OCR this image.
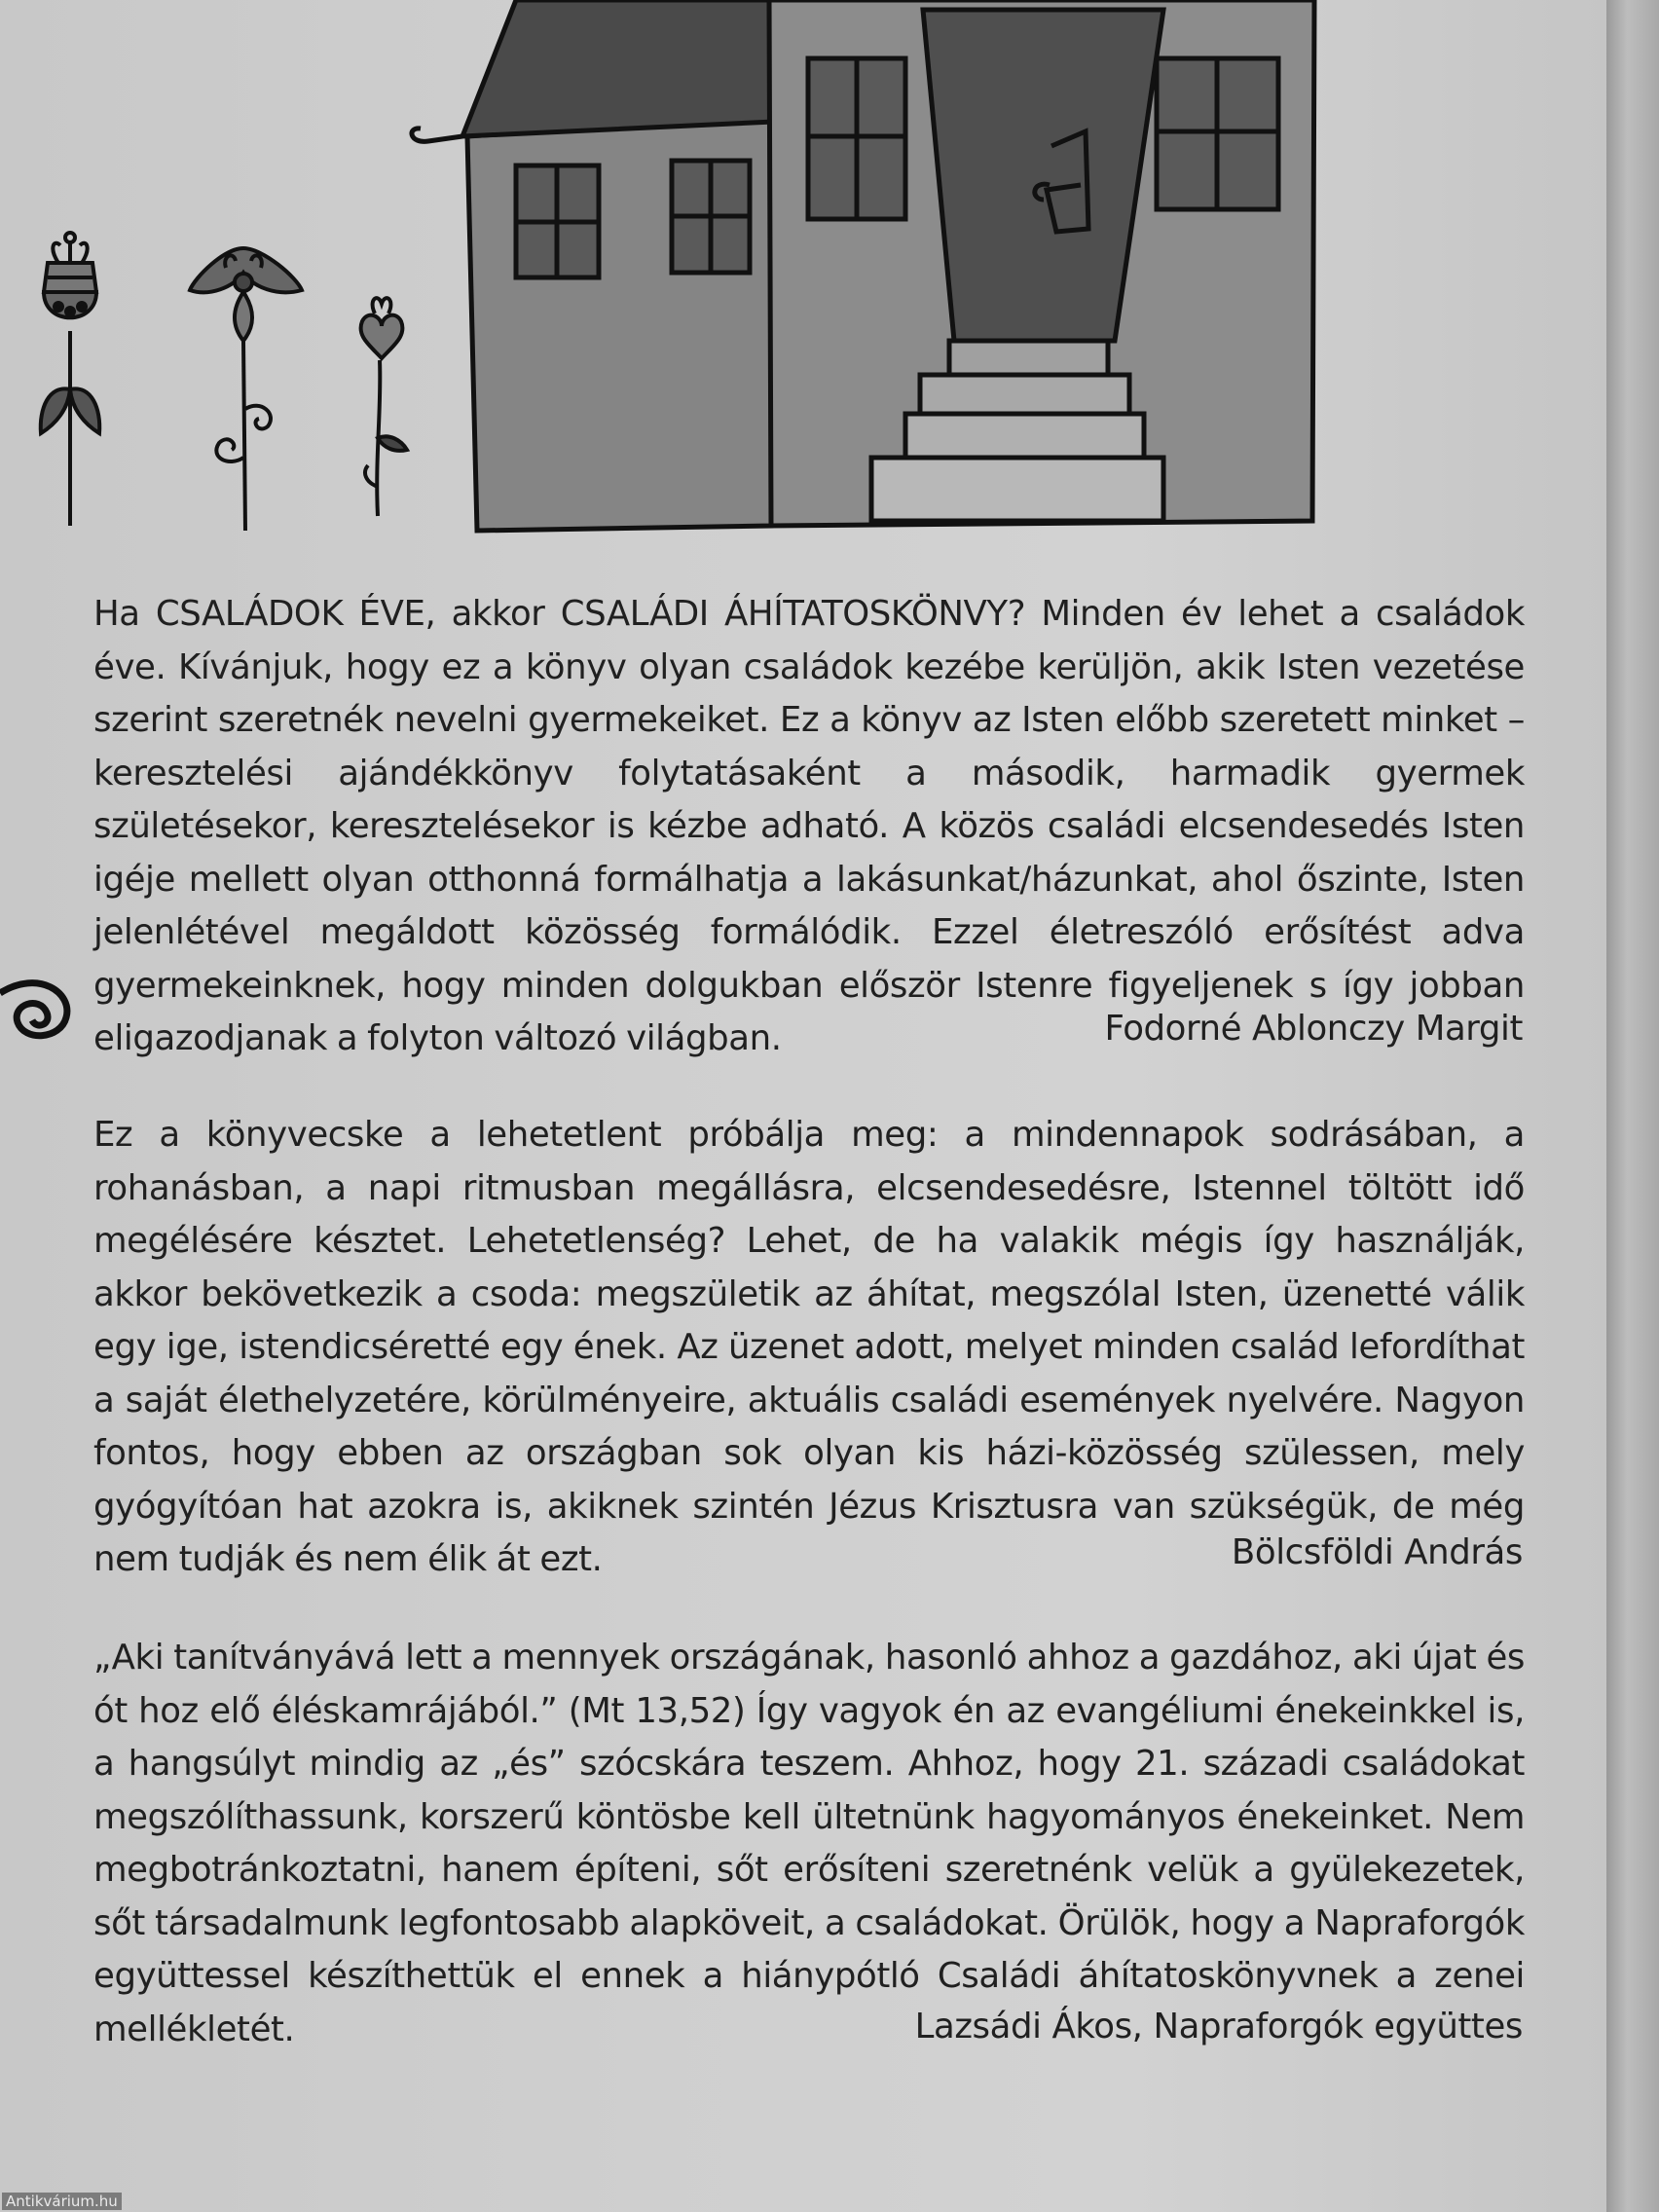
Ha CSALÁDOK ÉVE, akkor CSALÁDI ÁHÍTATOSKÖNVY? Minden év lehet a családok éve. Kívánjuk, hogy ez a könyv olyan családok kezébe kerüljön, akik Isten vezetése szerint szeretnék nevelni gyermekeiket. Ez a könyv az Isten előbb szeretett minket – keresztelési ajándékkönyv folytatásaként a második, harmadik gyermek születésekor, keresztelésekor is kézbe adható. A közös családi elcsendesedés Isten igéje mellett olyan otthonná formálhatja a lakásunkat/házunkat, ahol őszinte, Isten jelenlétével megáldott közösség formálódik. Ezzel életreszóló erősítést adva gyermekeinknek, hogy minden dolgukban először Istenre figyeljenek s így jobban eligazodjanak a folyton változó világban.	Fodorné Ablonczy Margit

Ez a könyvecske a lehetetlent próbálja meg: a mindennapok sodrásában, a rohanásban, a napi ritmusban megállásra, elcsendesedésre, Istennel töltött idő megélésére késztet. Lehetetlenség? Lehet, de ha valakik mégis így használják, akkor bekövetkezik a csoda: megszületik az áhítat, megszólal Isten, üzenetté válik egy ige, istendicséretté egy ének. Az üzenet adott, melyet minden család lefordíthat a saját élethelyzetére, körülményeire, aktuális családi események nyelvére. Nagyon fontos, hogy ebben az országban sok olyan kis házi-közösség szülessen, mely gyógyítóan hat azokra is, akiknek szintén Jézus Krisztusra van szükségük, de még nem tudják és nem élik át ezt.	Bölcsföldi András

„Aki tanítványává lett a mennyek országának, hasonló ahhoz a gazdához, aki újat és ót hoz elő éléskamrájából.” (Mt 13,52) Így vagyok én az evangéliumi énekeinkkel is, a hangsúlyt mindig az „és” szócskára teszem. Ahhoz, hogy 21. századi családokat megszólíthassunk, korszerű köntösbe kell ültetnünk hagyományos énekeinket. Nem megbotránkoztatni, hanem építeni, sőt erősíteni szeretnénk velük a gyülekezetek, sőt társadalmunk legfontosabb alapköveit, a családokat. Örülök, hogy a Napraforgók együttessel készíthettük el ennek a hiánypótló Családi áhítatoskönyvnek a zenei mellékletét.	Lazsádi Ákos, Napraforgók együttes
Antikvárium.hu
